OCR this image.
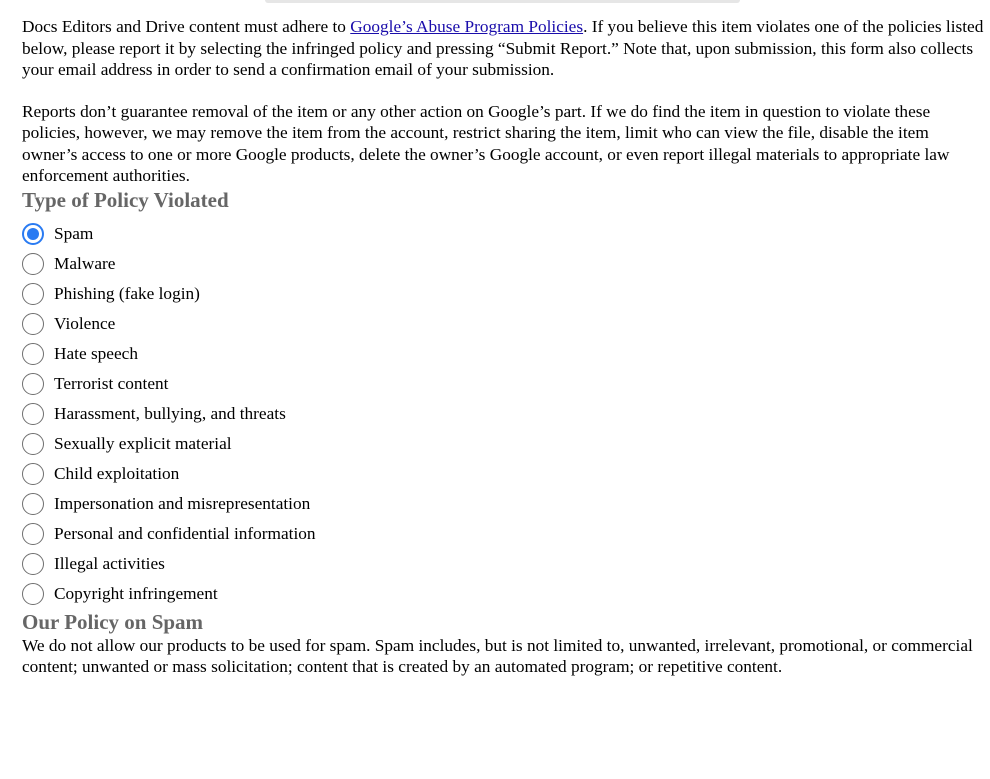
Docs Editors and Drive content must adhere to Google’s Abuse Program Policies. If you believe this item violates one of the policies listed below, please report it by selecting the infringed policy and pressing “Submit Report.” Note that, upon submission, this form also collects your email address in order to send a confirmation email of your submission.

Reports don’t guarantee removal of the item or any other action on Google’s part. If we do find the item in question to violate these policies, however, we may remove the item from the account, restrict sharing the item, limit who can view the file, disable the item owner’s access to one or more Google products, delete the owner’s Google account, or even report illegal materials to appropriate law enforcement authorities.

Type of Policy Violated
Spam
Malware
Phishing (fake login)
Violence
Hate speech
Terrorist content
Harassment, bullying, and threats
Sexually explicit material
Child exploitation
Impersonation and misrepresentation
Personal and confidential information
Illegal activities
Copyright infringement
Our Policy on Spam

We do not allow our products to be used for spam. Spam includes, but is not limited to, unwanted, irrelevant, promotional, or commercial content; unwanted or mass solicitation; content that is created by an automated program; or repetitive content.
